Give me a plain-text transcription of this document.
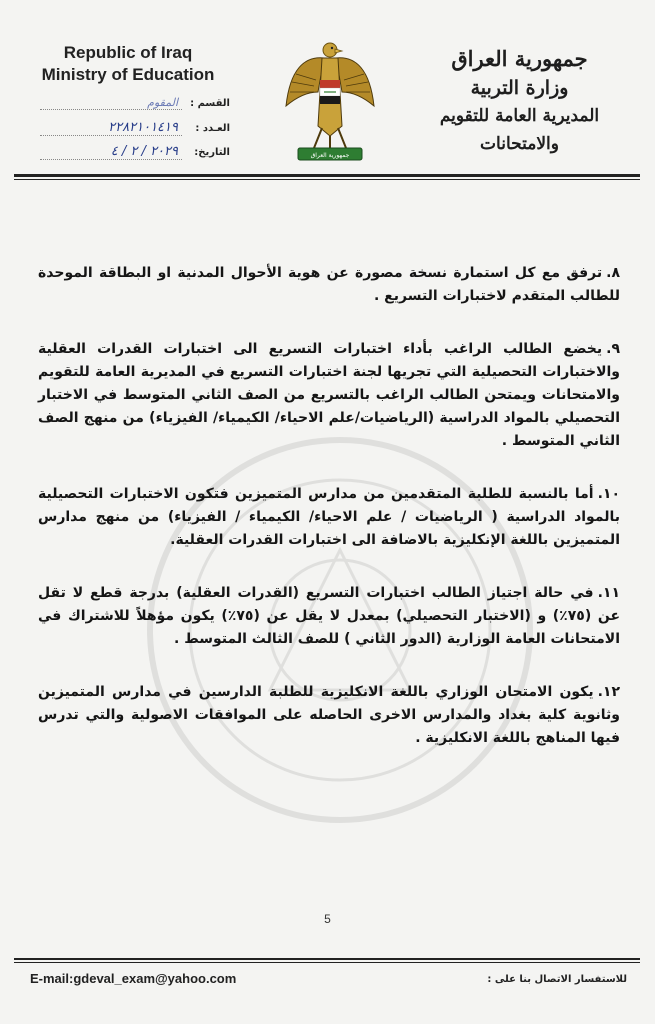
Republic of Iraq
Ministry of Education
القسم :
المقوم
العـدد :
٢٢٨٢١٠١٤١٩
التاريخ:
٢٠٢٩ / ٢ / ٤	جمهورية العراق
جمهورية العراق
وزارة التربية
المديرية العامة للتقويم والامتحانات

٨.ترفق مع كل استمارة نسخة مصورة عن هوية الأحوال المدنية او البطاقة الموحدة للطالب المتقدم لاختبارات التسريع .

٩.يخضع الطالب الراغب بأداء اختبارات التسريع الى اختبارات القدرات العقلية والاختبارات التحصيلية التي تجريها لجنة اختبارات التسريع في المديرية العامة للتقويم والامتحانات ويمتحن الطالب الراغب بالتسريع من الصف الثاني المتوسط في الاختبار التحصيلي بالمواد الدراسية (الرياضيات/علم الاحياء/ الكيمياء/ الفيزياء) من منهج الصف الثاني المتوسط .

١٠.أما بالنسبة للطلبة المتقدمين من مدارس المتميزين فتكون الاختبارات التحصيلية بالمواد الدراسية ( الرياضيات / علم الاحياء/ الكيمياء / الفيزياء) من منهج مدارس المتميزين باللغة الإنكليزية بالاضافة الى اختبارات القدرات العقلية.

١١.في حالة اجتياز الطالب اختبارات التسريع (القدرات العقلية) بدرجة قطع لا تقل عن (٧٥٪) و (الاختبار التحصيلي) بمعدل لا يقل عن (٧٥٪) يكون مؤهلاً للاشتراك في الامتحانات العامة الوزارية (الدور الثاني ) للصف الثالث المتوسط .

١٢.يكون الامتحان الوزاري باللغة الانكليزية للطلبة الدارسين في مدارس المتميزين وثانوية كلية بغداد والمدارس الاخرى الحاصله على الموافقات الاصولية والتي تدرس فيها المناهج باللغة الانكليزية .

5
E-mail:gdeval_exam@yahoo.com	للاستفسار الاتصال بنا على :
